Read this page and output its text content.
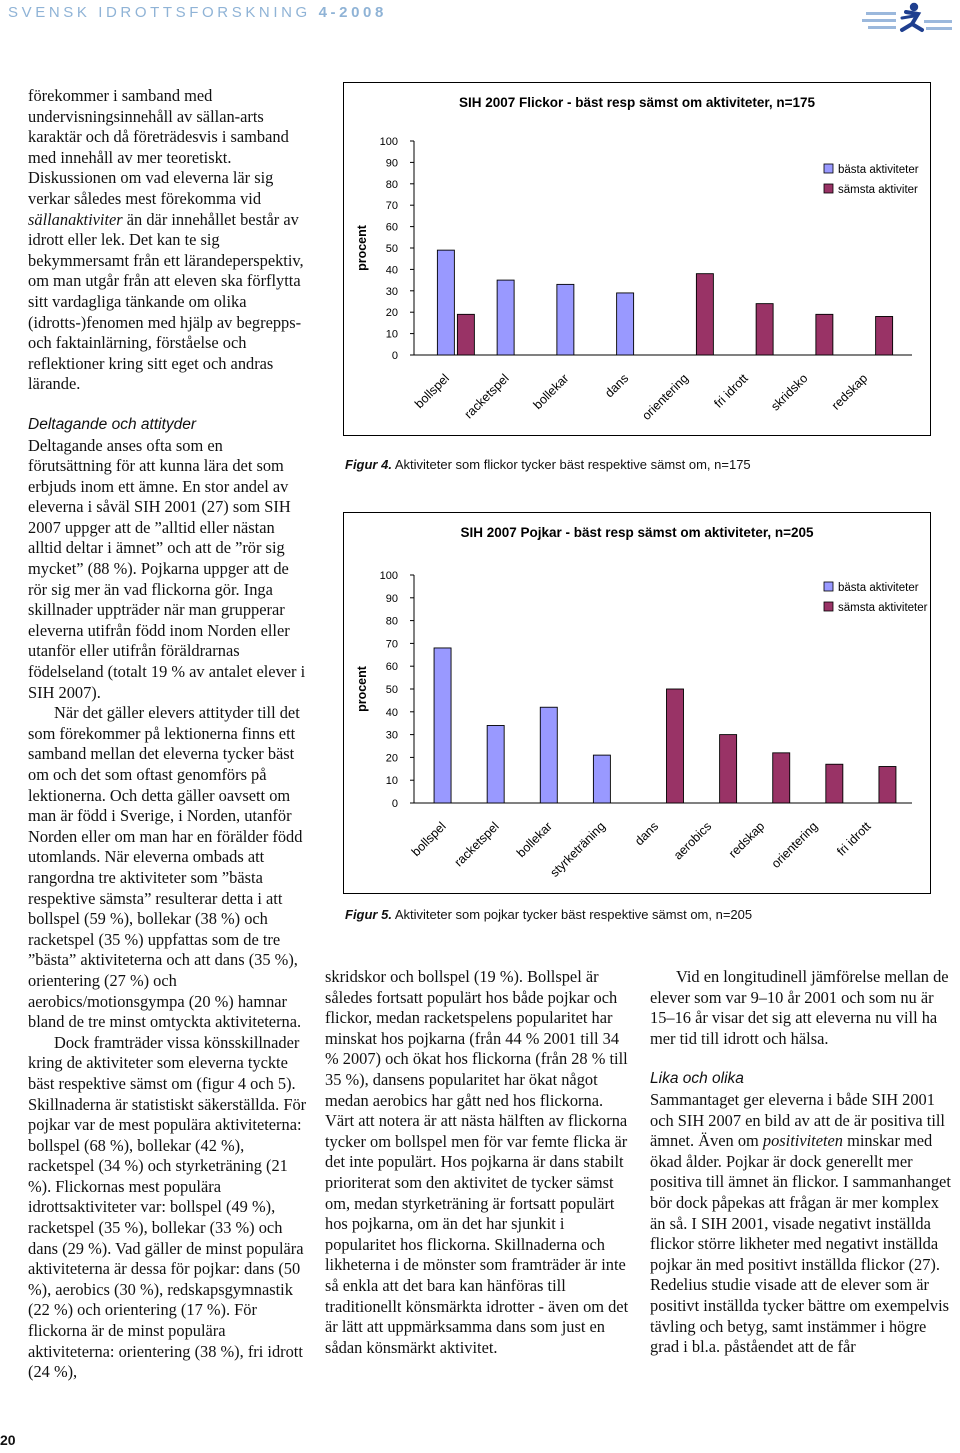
SVENSK IDROTTSFORSKNING 4-2008

förekommer i samband med undervisningsinnehåll av sällan-arts karaktär och då företrädesvis i samband med innehåll av mer teoretiskt. Diskussionen om vad eleverna lär sig verkar således mest förekomma vid sällanaktiviter än där innehållet består av idrott eller lek. Det kan te sig bekymmersamt från ett lärandeperspektiv, om man utgår från att eleven ska förflytta sitt vardagliga tänkande om olika (idrotts-)fenomen med hjälp av begrepps- och faktainlärning, förståelse och reflektioner kring sitt eget och andras lärande.

Deltagande och attityder

Deltagande anses ofta som en förutsättning för att kunna lära det som erbjuds inom ett ämne. En stor andel av eleverna i såväl SIH 2001 (27) som SIH 2007 uppger att de ”alltid eller nästan alltid deltar i ämnet” och att de ”rör sig mycket” (88 %). Pojkarna uppger att de rör sig mer än vad flickorna gör. Inga skillnader uppträder när man grupperar eleverna utifrån född inom Norden eller utanför eller utifrån föräldrarnas födelseland (totalt 19 % av antalet elever i SIH 2007).

När det gäller elevers attityder till det som förekommer på lektionerna finns ett samband mellan det eleverna tycker bäst om och det som oftast genomförs på lektionerna. Och detta gäller oavsett om man är född i Sverige, i Norden, utanför Norden eller om man har en förälder född utomlands. När eleverna ombads att rangordna tre aktiviteter som ”bästa respektive sämsta” resulterar detta i att bollspel (59 %), bollekar (38 %) och racketspel (35 %) uppfattas som de tre ”bästa” aktiviteterna och att dans (35 %), orientering (27 %) och aerobics/motionsgympa (20 %) hamnar bland de tre minst omtyckta aktiviteterna.

Dock framträder vissa könsskillnader kring de aktiviteter som eleverna tyckte bäst respektive sämst om (figur 4 och 5). Skillnaderna är statistiskt säkerställda. För pojkar var de mest populära aktiviteterna: bollspel (68 %), bollekar (42 %), racketspel (34 %) och styrketräning (21 %). Flickornas mest populära idrottsaktiviteter var: bollspel (49 %), racketspel (35 %), bollekar (33 %) och dans (29 %). Vad gäller de minst populära aktiviteterna är dessa för pojkar: dans (50 %), aerobics (30 %), redskapsgymnastik (22 %) och orientering (17 %). För flickorna är de minst populära aktiviteterna: orientering (38 %), fri idrott (24 %),

SIH 2007 Flickor - bäst resp sämst om aktiviteter, n=175
procent
0
10
20
30
40
50
60
70
80
90
100
bollspel racketspel bollekar dans orientering fri idrott skridsko redskap
bästa aktiviteter
sämsta aktiviter
Figur 4. Aktiviteter som flickor tycker bäst respektive sämst om, n=175
SIH 2007 Pojkar - bäst resp sämst om aktiviteter, n=205
procent
0
10
20
30
40
50
60
70
80
90
100
bollspel racketspel bollekar
styrketräning dans aerobics redskap orientering fri idrott
bästa aktiviteter
sämsta aktiviteter
Figur 5. Aktiviteter som pojkar tycker bäst respektive sämst om, n=205

skridskor och bollspel (19 %). Bollspel är således fortsatt populärt hos både pojkar och flickor, medan racketspelens popularitet har minskat hos pojkarna (från 44 % 2001 till 34 % 2007) och ökat hos flickorna (från 28 % till 35 %), dansens popularitet har ökat något medan aerobics har gått ned hos flickorna. Värt att notera är att nästa hälften av flickorna tycker om bollspel men för var femte flicka är det inte populärt. Hos pojkarna är dans stabilt prioriterat som den aktivitet de tycker sämst om, medan styrketräning är fortsatt populärt hos pojkarna, om än det har sjunkit i popularitet hos flickorna. Skillnaderna och likheterna i de mönster som framträder är inte så enkla att det bara kan hänföras till traditionellt könsmärkta idrotter - även om det är lätt att uppmärksamma dans som just en sådan könsmärkt aktivitet.

Vid en longitudinell jämförelse mellan de elever som var 9–10 år 2001 och som nu är 15–16 år visar det sig att eleverna nu vill ha mer tid till idrott och hälsa.

Lika och olika

Sammantaget ger eleverna i både SIH 2001 och SIH 2007 en bild av att de är positiva till ämnet. Även om positiviteten minskar med ökad ålder. Pojkar är dock generellt mer positiva till ämnet än flickor. I sammanhanget bör dock påpekas att frågan är mer komplex än så. I SIH 2001, visade negativt inställda flickor större likheter med negativt inställda pojkar än med positivt inställda flickor (27). Redelius studie visade att de elever som är positivt inställda tycker bättre om exempelvis tävling och betyg, samt instämmer i högre grad i bl.a. påståendet att de får

20
